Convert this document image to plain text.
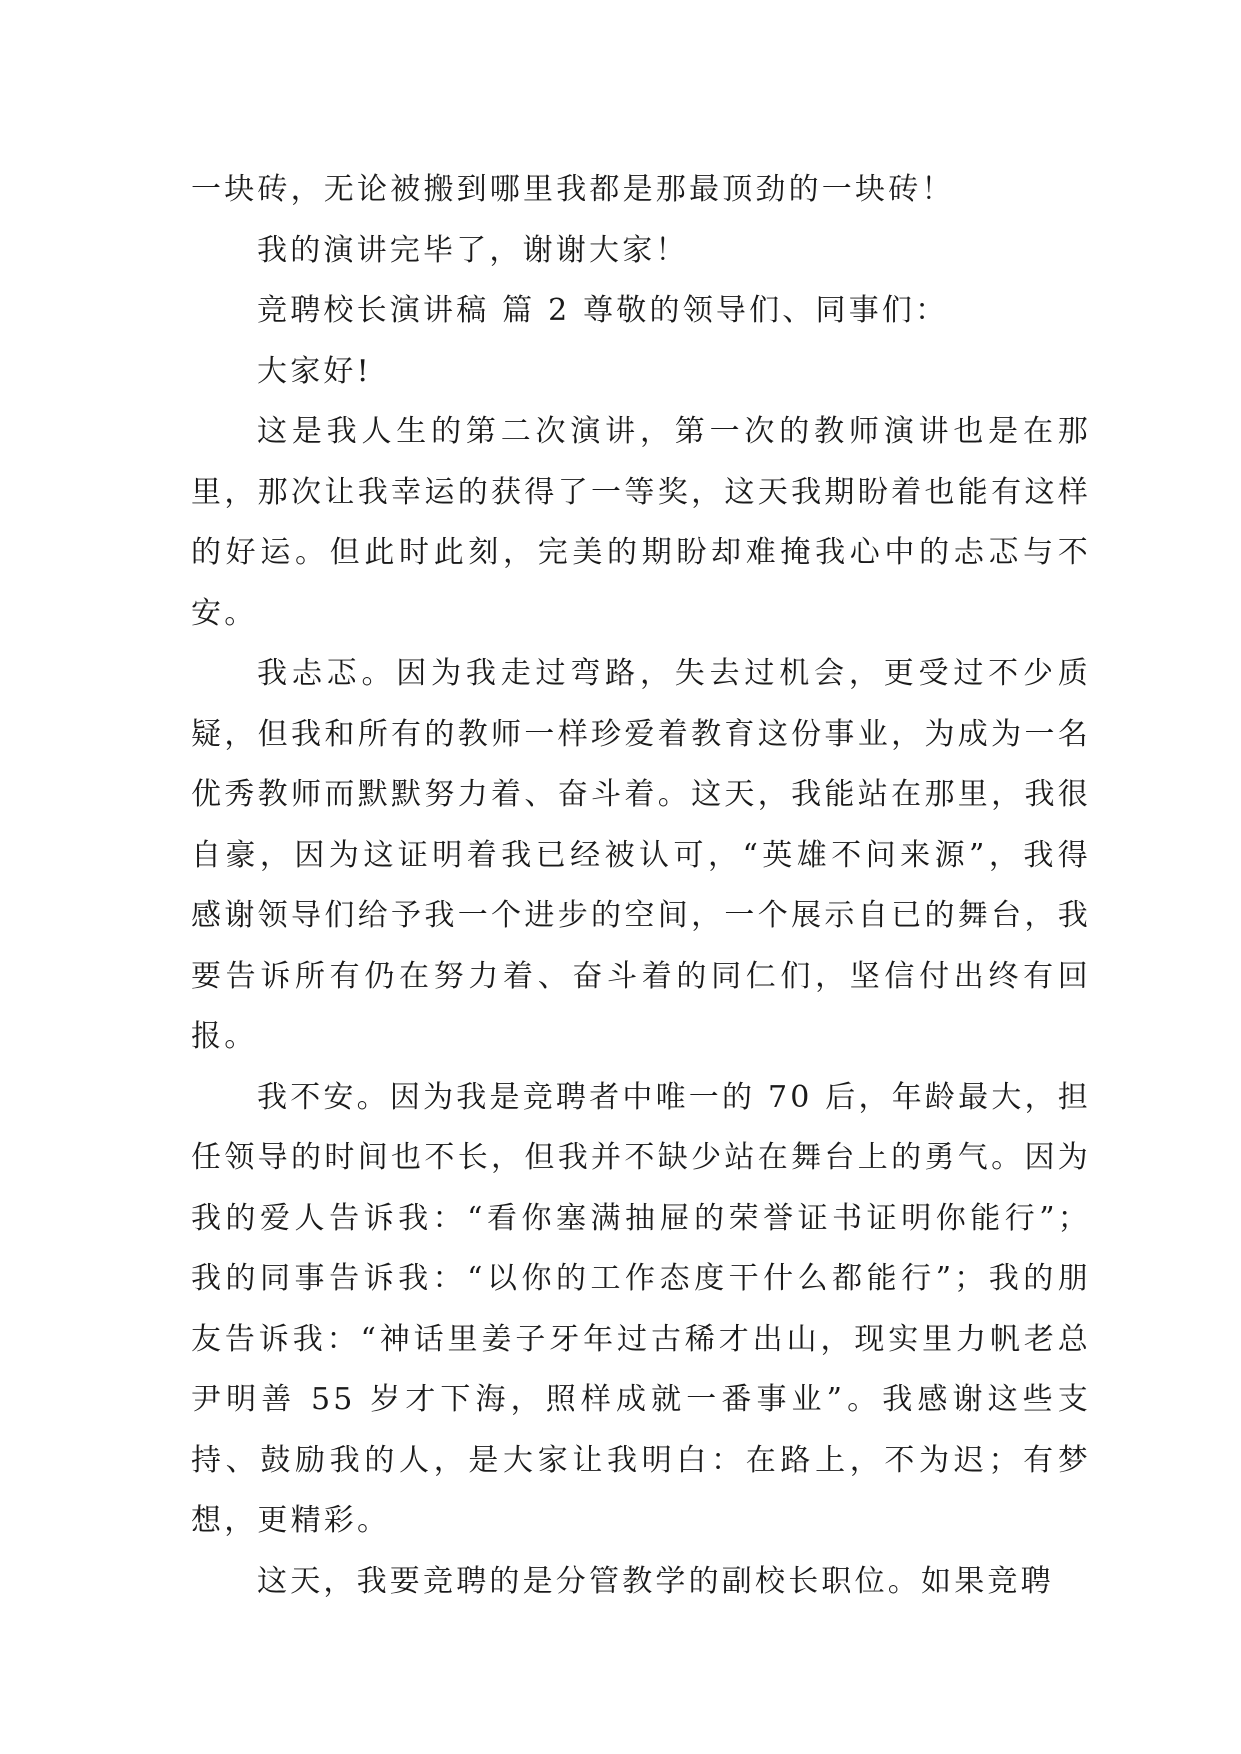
一块砖，无论被搬到哪里我都是那最顶劲的一块砖！

我的演讲完毕了，谢谢大家！

竞聘校长演讲稿 篇 2 尊敬的领导们、同事们：

大家好!

这是我人生的第二次演讲，第一次的教师演讲也是在那里，那次让我幸运的获得了一等奖，这天我期盼着也能有这样的好运。但此时此刻，完美的期盼却难掩我心中的忐忑与不安。

我忐忑。因为我走过弯路，失去过机会，更受过不少质疑，但我和所有的教师一样珍爱着教育这份事业，为成为一名优秀教师而默默努力着、奋斗着。这天，我能站在那里，我很自豪，因为这证明着我已经被认可，“英雄不问来源”，我得感谢领导们给予我一个进步的空间，一个展示自已的舞台，我要告诉所有仍在努力着、奋斗着的同仁们，坚信付出终有回报。

我不安。因为我是竞聘者中唯一的 70 后，年龄最大，担任领导的时间也不长，但我并不缺少站在舞台上的勇气。因为我的爱人告诉我：“看你塞满抽屉的荣誉证书证明你能行”；我的同事告诉我：“以你的工作态度干什么都能行”；我的朋友告诉我：“神话里姜子牙年过古稀才出山，现实里力帆老总尹明善 55 岁才下海，照样成就一番事业”。我感谢这些支持、鼓励我的人，是大家让我明白：在路上，不为迟；有梦想，更精彩。

这天，我要竞聘的是分管教学的副校长职位。如果竞聘
